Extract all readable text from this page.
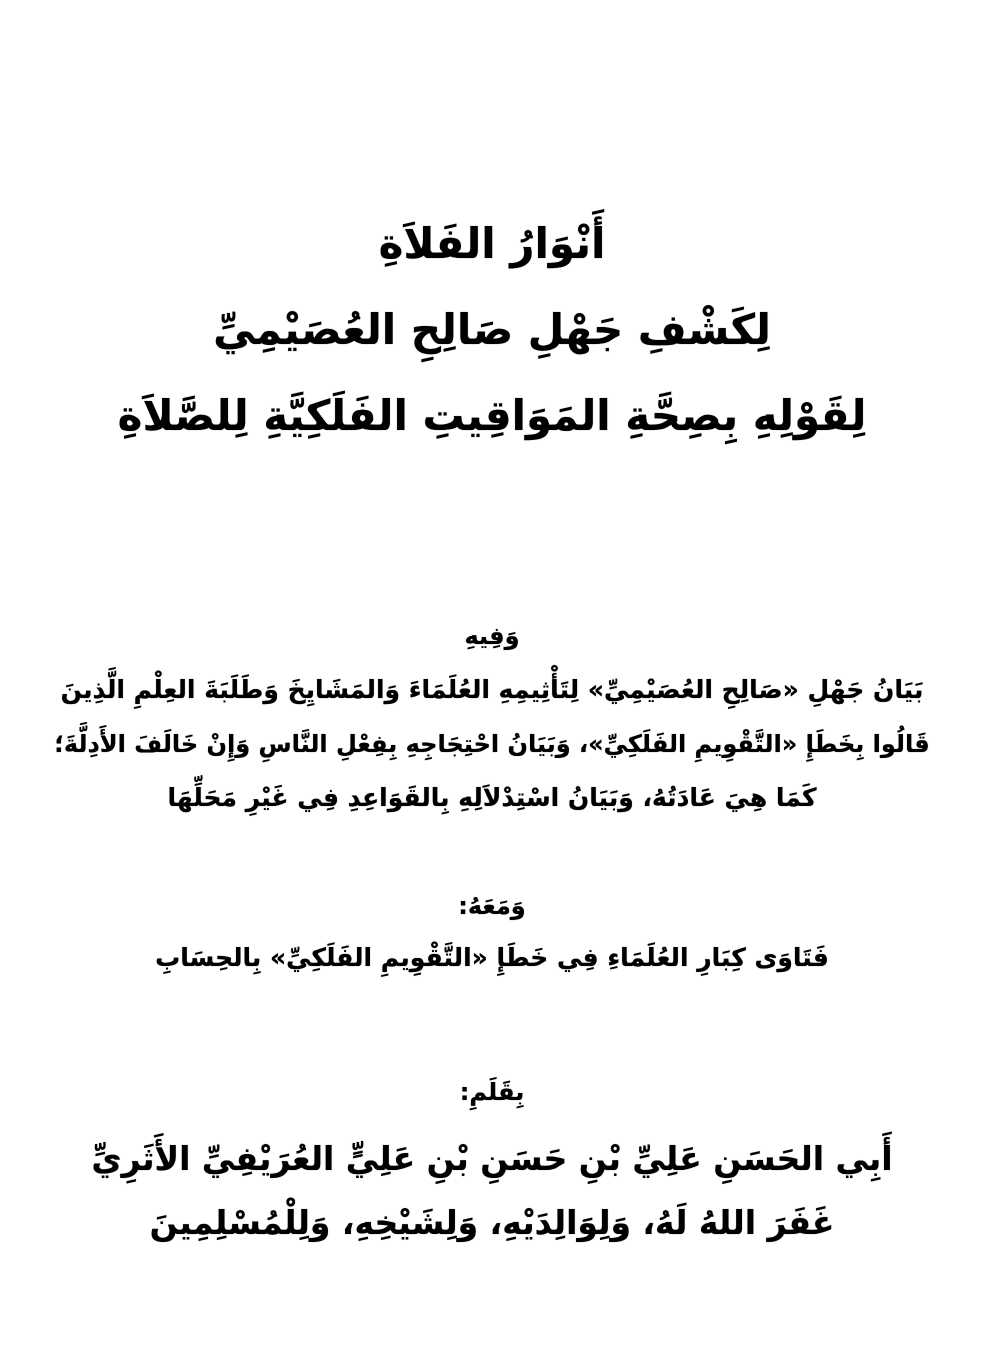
أَنْوَارُ الفَلاَةِ
لِكَشْفِ جَهْلِ صَالِحِ العُصَيْمِيِّ
لِقَوْلِهِ بِصِحَّةِ المَوَاقِيتِ الفَلَكِيَّةِ لِلصَّلاَةِ
وَفِيهِ
بَيَانُ جَهْلِ «صَالِحِ العُصَيْمِيِّ» لِتَأْثِيمِهِ العُلَمَاءَ وَالمَشَايِخَ وَطَلَبَةَ العِلْمِ الَّذِينَ
قَالُوا بِخَطَإِ «التَّقْوِيمِ الفَلَكِيِّ»، وَبَيَانُ احْتِجَاجِهِ بِفِعْلِ النَّاسِ وَإِنْ خَالَفَ الأَدِلَّةَ؛
كَمَا هِيَ عَادَتُهُ، وَبَيَانُ اسْتِدْلاَلِهِ بِالقَوَاعِدِ فِي غَيْرِ مَحَلِّهَا
وَمَعَهُ:
فَتَاوَى كِبَارِ العُلَمَاءِ فِي خَطَإِ «التَّقْوِيمِ الفَلَكِيِّ» بِالحِسَابِ
بِقَلَمِ:
أَبِي الحَسَنِ عَلِيِّ بْنِ حَسَنِ بْنِ عَلِيٍّ العُرَيْفِيِّ الأَثَرِيِّ
غَفَرَ اللهُ لَهُ، وَلِوَالِدَيْهِ، وَلِشَيْخِهِ، وَلِلْمُسْلِمِينَ
